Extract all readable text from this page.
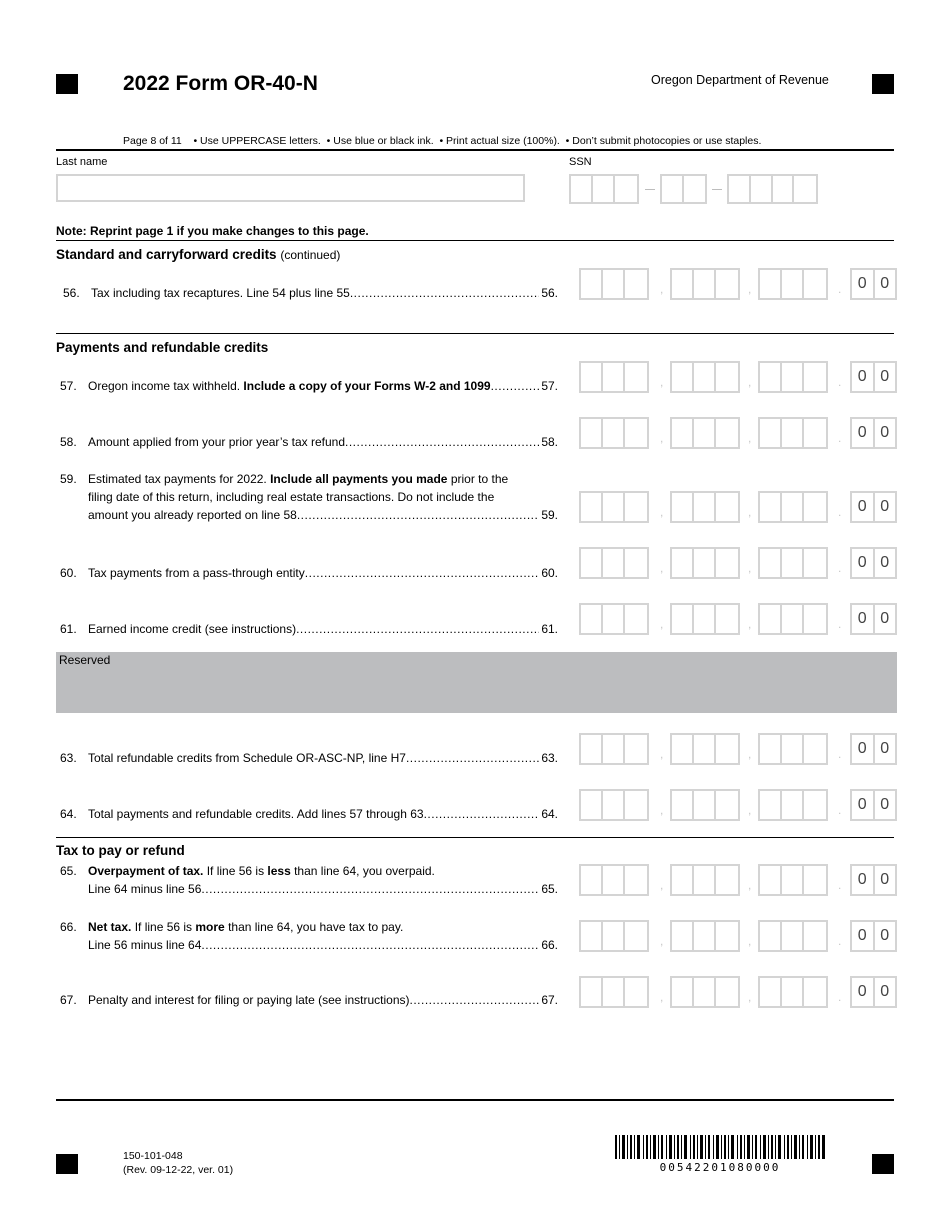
2022 Form OR-40-N	Oregon Department of Revenue
Page 8 of 11    • Use UPPERCASE letters.  • Use blue or black ink.  • Print actual size (100%).  • Don’t submit photocopies or use staples.
Last name	SSN
Note: Reprint page 1 if you make changes to this page.
Standard and carryforward credits (continued)
56. Tax including tax recaptures. Line 54 plus line 55 .....	56.	,	,	.	0 0
Payments and refundable credits
57. Oregon income tax withheld. Include a copy of your Forms W-2 and 1099 .....	57.	,	,	.	0 0
58. Amount applied from your prior year’s tax refund .....	58.	,	,	.	0 0
59. Estimated tax payments for 2022. Include all payments you made prior to the
filing date of this return, including real estate transactions. Do not include the
amount you already reported on line 58 .....	59.	,	,	.	0 0
60. Tax payments from a pass-through entity .....	60.	,	,	.	0 0
61. Earned income credit (see instructions) .....	61.	,	,	.	0 0
Reserved
63. Total refundable credits from Schedule OR-ASC-NP, line H7 .....	63.	,	,	.	0 0
64. Total payments and refundable credits. Add lines 57 through 63 .....	64.	,	,	.	0 0
Tax to pay or refund
65. Overpayment of tax. If line 56 is less than line 64, you overpaid.
Line 64 minus line 56 .....	65.	,	,	.	0 0
66. Net tax. If line 56 is more than line 64, you have tax to pay.
Line 56 minus line 64 .....	66.	,	,	.	0 0
67. Penalty and interest for filing or paying late (see instructions) .....	67.	,	,	.	0 0
150-101-048
(Rev. 09-12-22, ver. 01)	00542201080000
